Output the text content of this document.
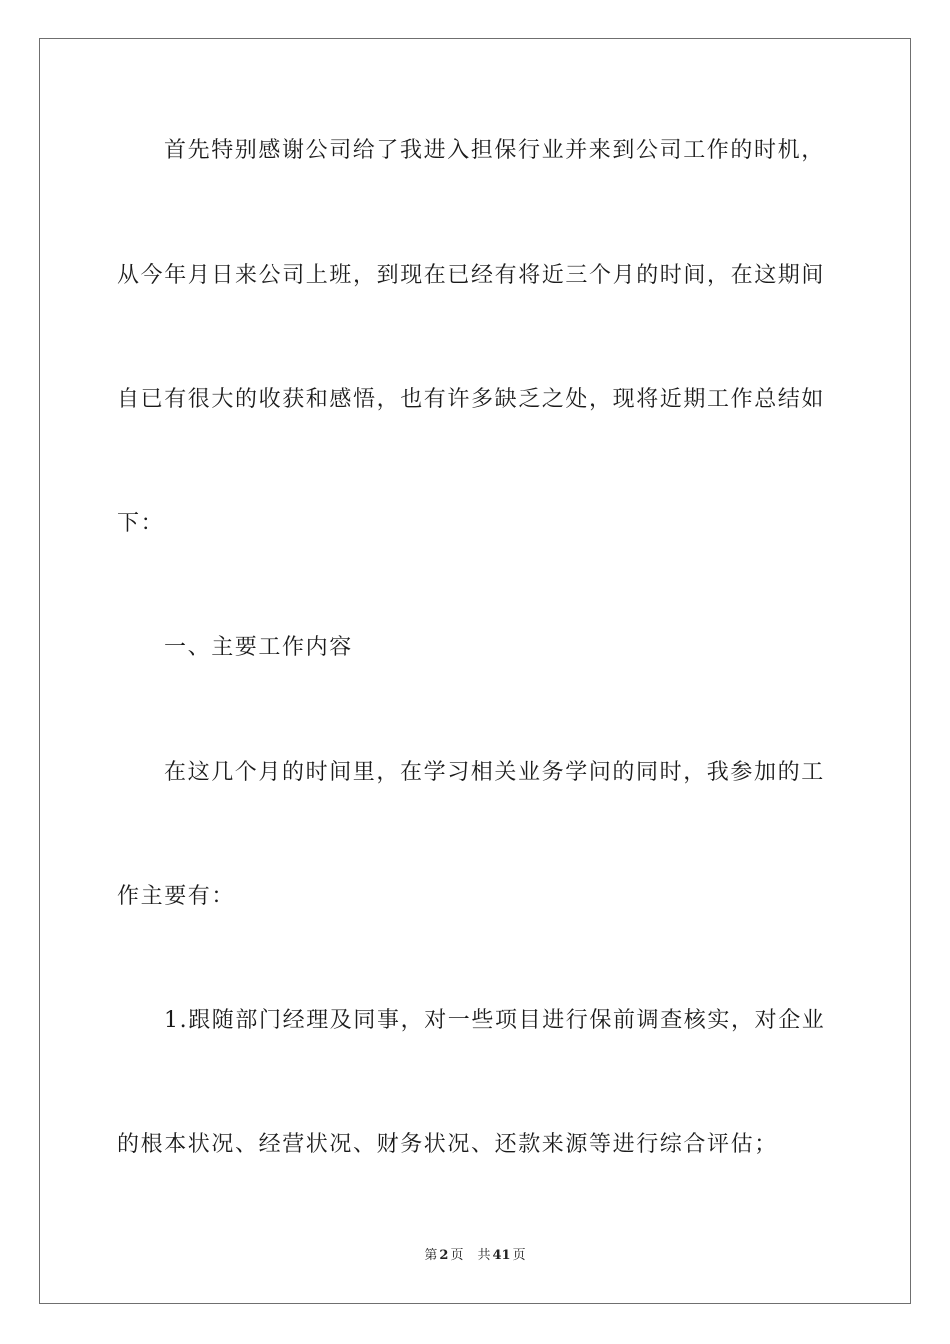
首先特别感谢公司给了我进入担保行业并来到公司工作的时机，
从今年月日来公司上班，到现在已经有将近三个月的时间，在这期间
自已有很大的收获和感悟，也有许多缺乏之处，现将近期工作总结如
下：
一、主要工作内容
在这几个月的时间里，在学习相关业务学问的同时，我参加的工
作主要有：
1.跟随部门经理及同事，对一些项目进行保前调查核实，对企业
的根本状况、经营状况、财务状况、还款来源等进行综合评估；
第 2 页 共 41 页
